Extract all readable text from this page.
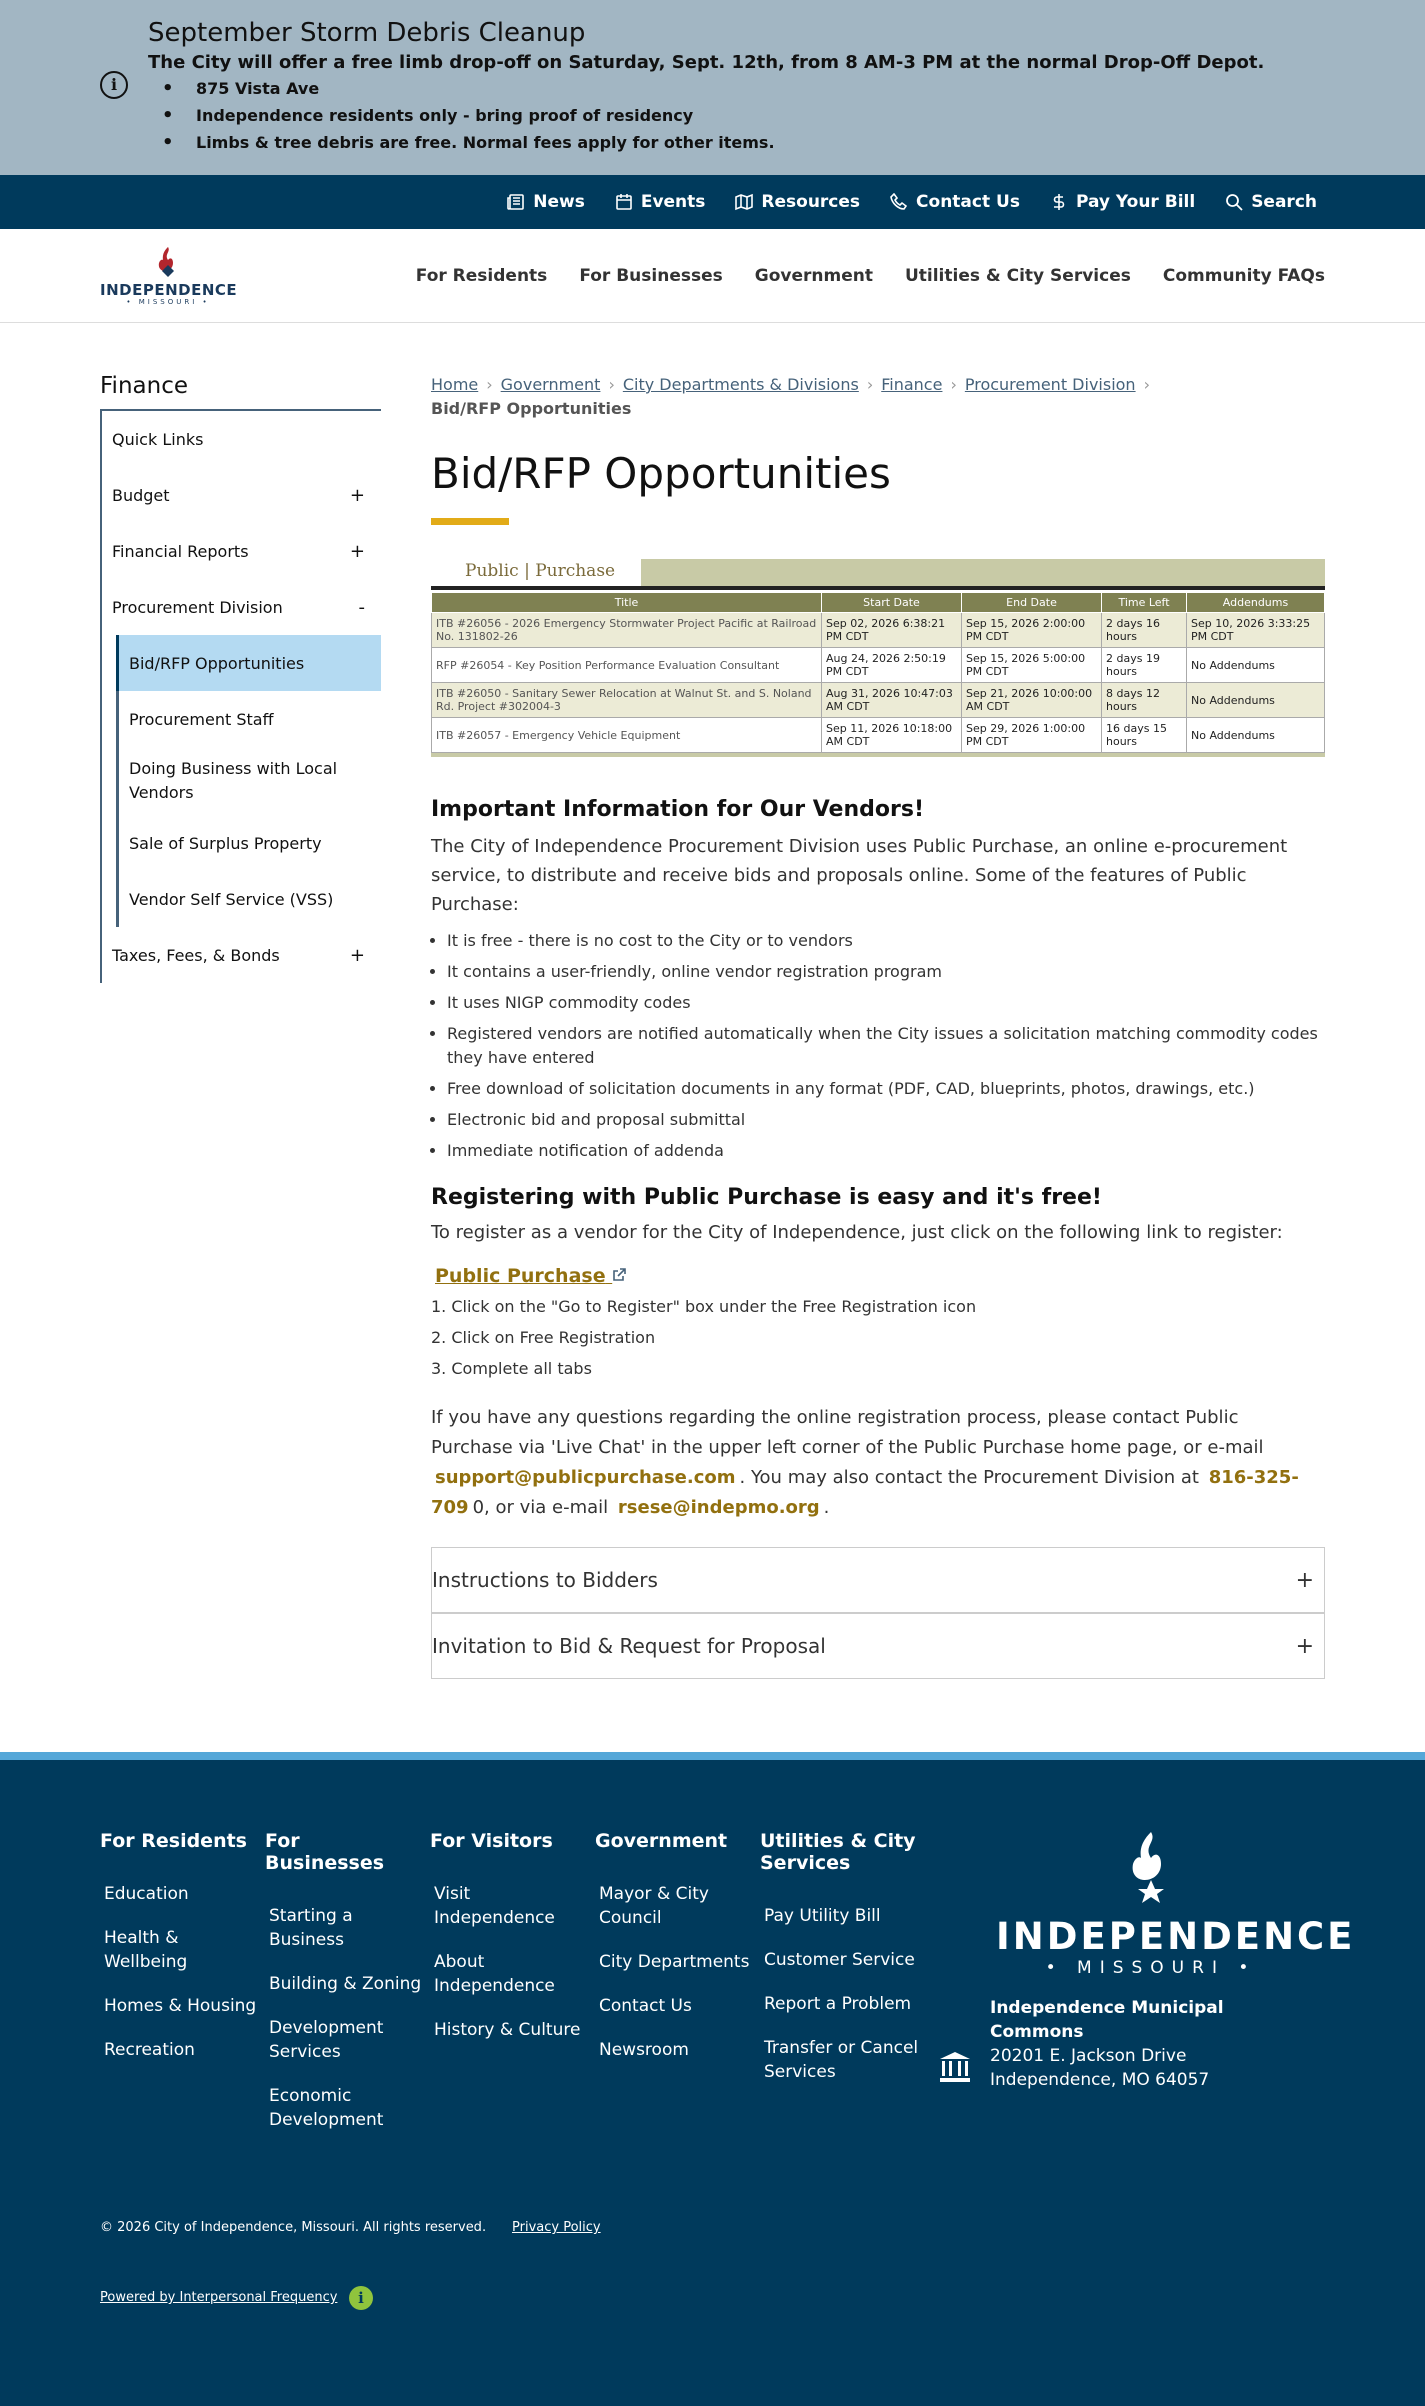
i
September Storm Debris Cleanup
The City will offer a free limb drop-off on Saturday, Sept. 12th, from 8 AM-3 PM at the normal Drop-Off Depot.
• 875 Vista Ave
• Independence residents only - bring proof of residency
• Limbs & tree debris are free. Normal fees apply for other items.
News	Events	Resources	Contact Us	Pay Your Bill	Search
INDEPENDENCE
• MISSOURI •
For Residents For Businesses Government Utilities & City Services Community FAQs
Finance
Quick Links
Budget	+
Financial Reports	+
Procurement Division	-
Bid/RFP Opportunities
Procurement Staff
Doing Business with Local Vendors
Sale of Surplus Property
Vendor Self Service (VSS)
Taxes, Fees, & Bonds	+
Home › Government › City Departments & Divisions › Finance › Procurement Division ›
Bid/RFP Opportunities
Bid/RFP Opportunities
Public | Purchase
Title	Start Date	End Date	Time Left	Addendums
ITB #26056 - 2026 Emergency Stormwater Project Pacific at Railroad No. 131802-26	Sep 02, 2026 6:38:21 PM CDT	Sep 15, 2026 2:00:00 PM CDT	2 days 16 hours	Sep 10, 2026 3:33:25 PM CDT
RFP #26054 - Key Position Performance Evaluation Consultant	Aug 24, 2026 2:50:19 PM CDT	Sep 15, 2026 5:00:00 PM CDT	2 days 19 hours	No Addendums
ITB #26050 - Sanitary Sewer Relocation at Walnut St. and S. Noland Rd. Project #302004-3	Aug 31, 2026 10:47:03 AM CDT	Sep 21, 2026 10:00:00 AM CDT	8 days 12 hours	No Addendums
ITB #26057 - Emergency Vehicle Equipment	Sep 11, 2026 10:18:00 AM CDT	Sep 29, 2026 1:00:00 PM CDT	16 days 15 hours	No Addendums
Important Information for Our Vendors!

The City of Independence Procurement Division uses Public Purchase, an online e-procurement service, to distribute and receive bids and proposals online. Some of the features of Public Purchase:

• It is free - there is no cost to the City or to vendors
• It contains a user-friendly, online vendor registration program
• It uses NIGP commodity codes
• Registered vendors are notified automatically when the City issues a solicitation matching commodity codes they have entered
• Free download of solicitation documents in any format (PDF, CAD, blueprints, photos, drawings, etc.)
• Electronic bid and proposal submittal
• Immediate notification of addenda
Registering with Public Purchase is easy and it's free!

To register as a vendor for the City of Independence, just click on the following link to register:

Public Purchase
1. Click on the "Go to Register" box under the Free Registration icon
2. Click on Free Registration
3. Complete all tabs

If you have any questions regarding the online registration process, please contact Public Purchase via 'Live Chat' in the upper left corner of the Public Purchase home page, or e-mail support@publicpurchase.com . You may also contact the Procurement Division at 816-325-709 0, or via e-mail rsese@indepmo.org .

Instructions to Bidders	+
Invitation to Bid & Request for Proposal	+
For Residents
Education
Health & Wellbeing
Homes & Housing
Recreation
For Businesses
Starting a Business
Building & Zoning
Development Services
Economic Development
For Visitors
Visit Independence
About Independence
History & Culture
Government
Mayor & City Council
City Departments
Contact Us
Newsroom
Utilities & City Services
Pay Utility Bill
Customer Service
Report a Problem
Transfer or Cancel Services
INDEPENDENCE
• MISSOURI •
Independence Municipal Commons
20201 E. Jackson Drive
Independence, MO 64057
© 2026 City of Independence, Missouri. All rights reserved. Privacy Policy
Powered by Interpersonal Frequency	i
